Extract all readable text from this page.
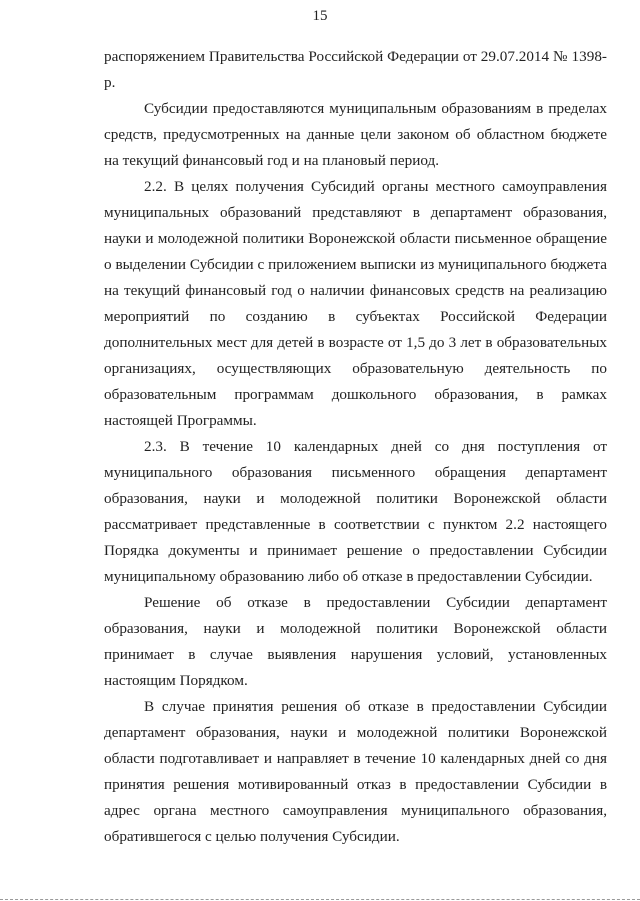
15

распоряжением Правительства Российской Федерации от 29.07.2014 № 1398-р.

Субсидии предоставляются муниципальным образованиям в пределах средств, предусмотренных на данные цели законом об областном бюджете на текущий финансовый год и на плановый период.

2.2. В целях получения Субсидий органы местного самоуправления муниципальных образований представляют в департамент образования, науки и молодежной политики Воронежской области письменное обращение о выделении Субсидии с приложением выписки из муниципального бюджета на текущий финансовый год о наличии финансовых средств на реализацию мероприятий по созданию в субъектах Российской Федерации дополнительных мест для детей в возрасте от 1,5 до 3 лет в образовательных организациях, осуществляющих образовательную деятельность по образовательным программам дошкольного образования, в рамках настоящей Программы.

2.3. В течение 10 календарных дней со дня поступления от муниципального образования письменного обращения департамент образования, науки и молодежной политики Воронежской области рассматривает представленные в соответствии с пунктом 2.2 настоящего Порядка документы и принимает решение о предоставлении Субсидии муниципальному образованию либо об отказе в предоставлении Субсидии.

Решение об отказе в предоставлении Субсидии департамент образования, науки и молодежной политики Воронежской области принимает в случае выявления нарушения условий, установленных настоящим Порядком.

В случае принятия решения об отказе в предоставлении Субсидии департамент образования, науки и молодежной политики Воронежской области подготавливает и направляет в течение 10 календарных дней со дня принятия решения мотивированный отказ в предоставлении Субсидии в адрес органа местного самоуправления муниципального образования, обратившегося с целью получения Субсидии.
